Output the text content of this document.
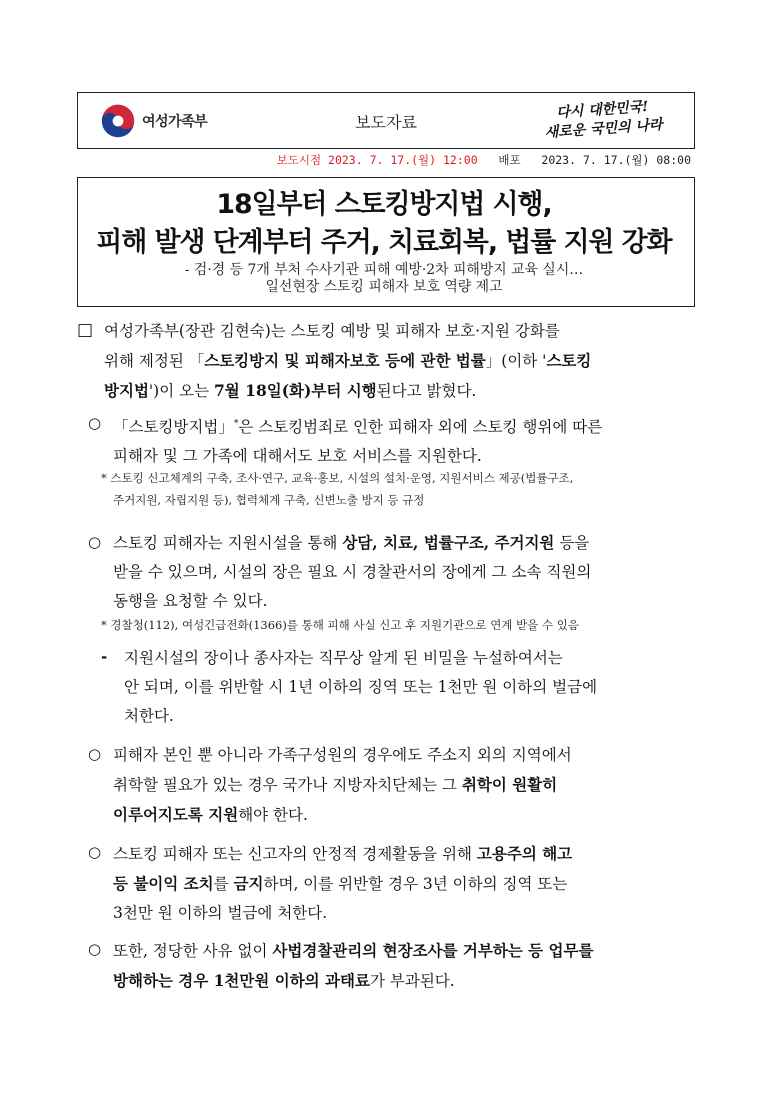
여성가족부	보도자료
다시 대한민국!
새로운 국민의 나라
보도시점 2023. 7. 17.(월) 12:00 배포 2023. 7. 17.(월) 08:00
18일부터 스토킹방지법 시행,
피해 발생 단계부터 주거, 치료회복, 법률 지원 강화
- 검·경 등 7개 부처 수사기관 피해 예방·2차 피해방지 교육 실시…
일선현장 스토킹 피해자 보호 역량 제고
□ 여성가족부(장관 김현숙)는 스토킹 예방 및 피해자 보호·지원 강화를
위해 제정된 「스토킹방지 및 피해자보호 등에 관한 법률」(이하 '스토킹
방지법')이 오는 7월 18일(화)부터 시행된다고 밝혔다.
○ 「스토킹방지법」*은 스토킹범죄로 인한 피해자 외에 스토킹 행위에 따른
피해자 및 그 가족에 대해서도 보호 서비스를 지원한다.
* 스토킹 신고체계의 구축, 조사·연구, 교육·홍보, 시설의 설치·운영, 지원서비스 제공(법률구조,
주거지원, 자립지원 등), 협력체계 구축, 신변노출 방지 등 규정
○ 스토킹 피해자는 지원시설을 통해 상담, 치료, 법률구조, 주거지원 등을
받을 수 있으며, 시설의 장은 필요 시 경찰관서의 장에게 그 소속 직원의
동행을 요청할 수 있다.
* 경찰청(112), 여성긴급전화(1366)를 통해 피해 사실 신고 후 지원기관으로 연계 받을 수 있음
- 지원시설의 장이나 종사자는 직무상 알게 된 비밀을 누설하여서는
안 되며, 이를 위반할 시 1년 이하의 징역 또는 1천만 원 이하의 벌금에
처한다.
○ 피해자 본인 뿐 아니라 가족구성원의 경우에도 주소지 외의 지역에서
취학할 필요가 있는 경우 국가나 지방자치단체는 그 취학이 원활히
이루어지도록 지원해야 한다.
○ 스토킹 피해자 또는 신고자의 안정적 경제활동을 위해 고용주의 해고
등 불이익 조치를 금지하며, 이를 위반할 경우 3년 이하의 징역 또는
3천만 원 이하의 벌금에 처한다.
○ 또한, 정당한 사유 없이 사법경찰관리의 현장조사를 거부하는 등 업무를
방해하는 경우 1천만원 이하의 과태료가 부과된다.
